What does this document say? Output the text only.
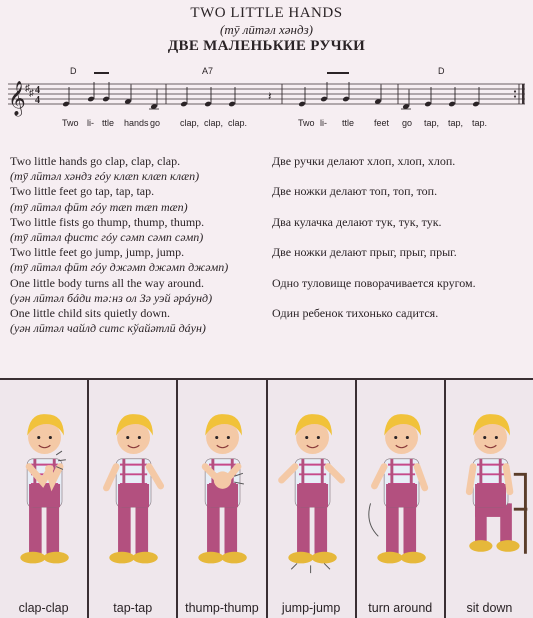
TWO LITTLE HANDS
(тӯ лӣтәл хәндз)
ДВЕ МАЛЕНЬКИЕ РУЧКИ
𝄞 ♯ ♯ 4
4	𝄽
D	A7	D
Two li- ttle hands go clap, clap, clap.	Two li- ttle feet go tap, tap, tap.
Two little hands go clap, clap, clap.	Две ручки делают хлоп, хлоп, хлоп.
(тӯ лӣтәл хәндз гóу клæп клæп клæп)
Two little feet go tap, tap, tap.	Две ножки делают топ, топ, топ.
(тӯ лӣтәл фӣт гóу тæп тæп тæп)
Two little fists go thump, thump, thump.	Два кулачка делают тук, тук, тук.
(тӯ лӣтәл фистс гóу сәмп сәмп сәмп)
Two little feet go jump, jump, jump.	Две ножки делают прыг, прыг, прыг.
(тӯ лӣтәл фӣт гóу джәмп джәмп джәмп)
One little body turns all the way around.	Одно туловище поворачивается кругом.
(уән лӣтәл бáди тә:нз ол Зә уэй әрáунд)
One little child sits quietly down.	Один ребенок тихонько садится.
(уән лӣтәл чайлд ситс кўайәтлӣ дáун)
clap-clap	tap-tap	thump-thump	jump-jump	turn around	sit down
